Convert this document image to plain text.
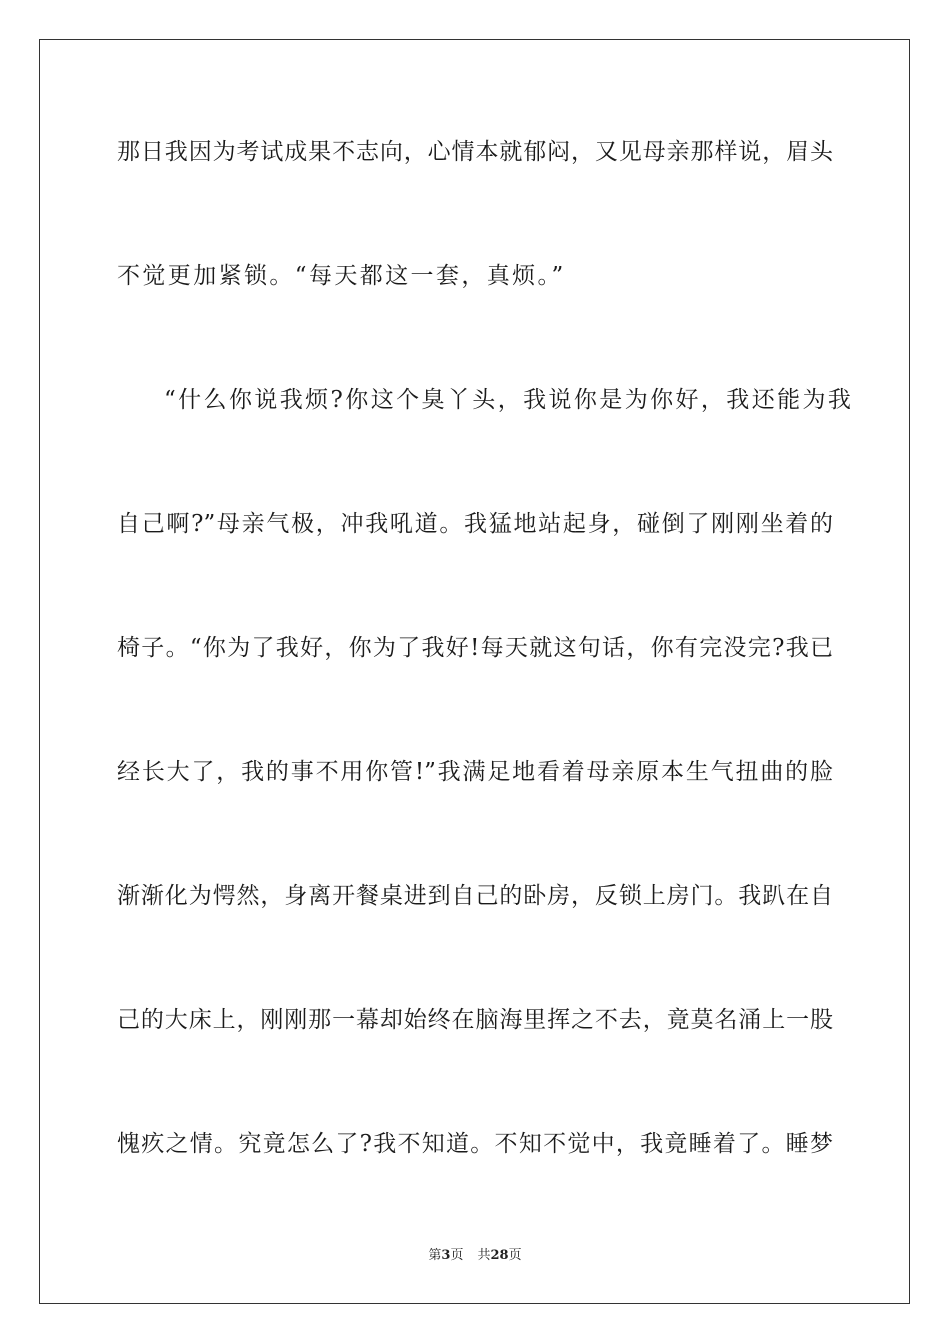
那日我因为考试成果不志向，心情本就郁闷，又见母亲那样说，眉头
不觉更加紧锁。“每天都这一套，真烦。”
“什么你说我烦?你这个臭丫头，我说你是为你好，我还能为我
自己啊?”母亲气极，冲我吼道。我猛地站起身，碰倒了刚刚坐着的
椅子。“你为了我好，你为了我好!每天就这句话，你有完没完?我已
经长大了，我的事不用你管!”我满足地看着母亲原本生气扭曲的脸
渐渐化为愕然，身离开餐桌进到自己的卧房，反锁上房门。我趴在自
己的大床上，刚刚那一幕却始终在脑海里挥之不去，竟莫名涌上一股
愧疚之情。究竟怎么了?我不知道。不知不觉中，我竟睡着了。睡梦
第3页 共28页
